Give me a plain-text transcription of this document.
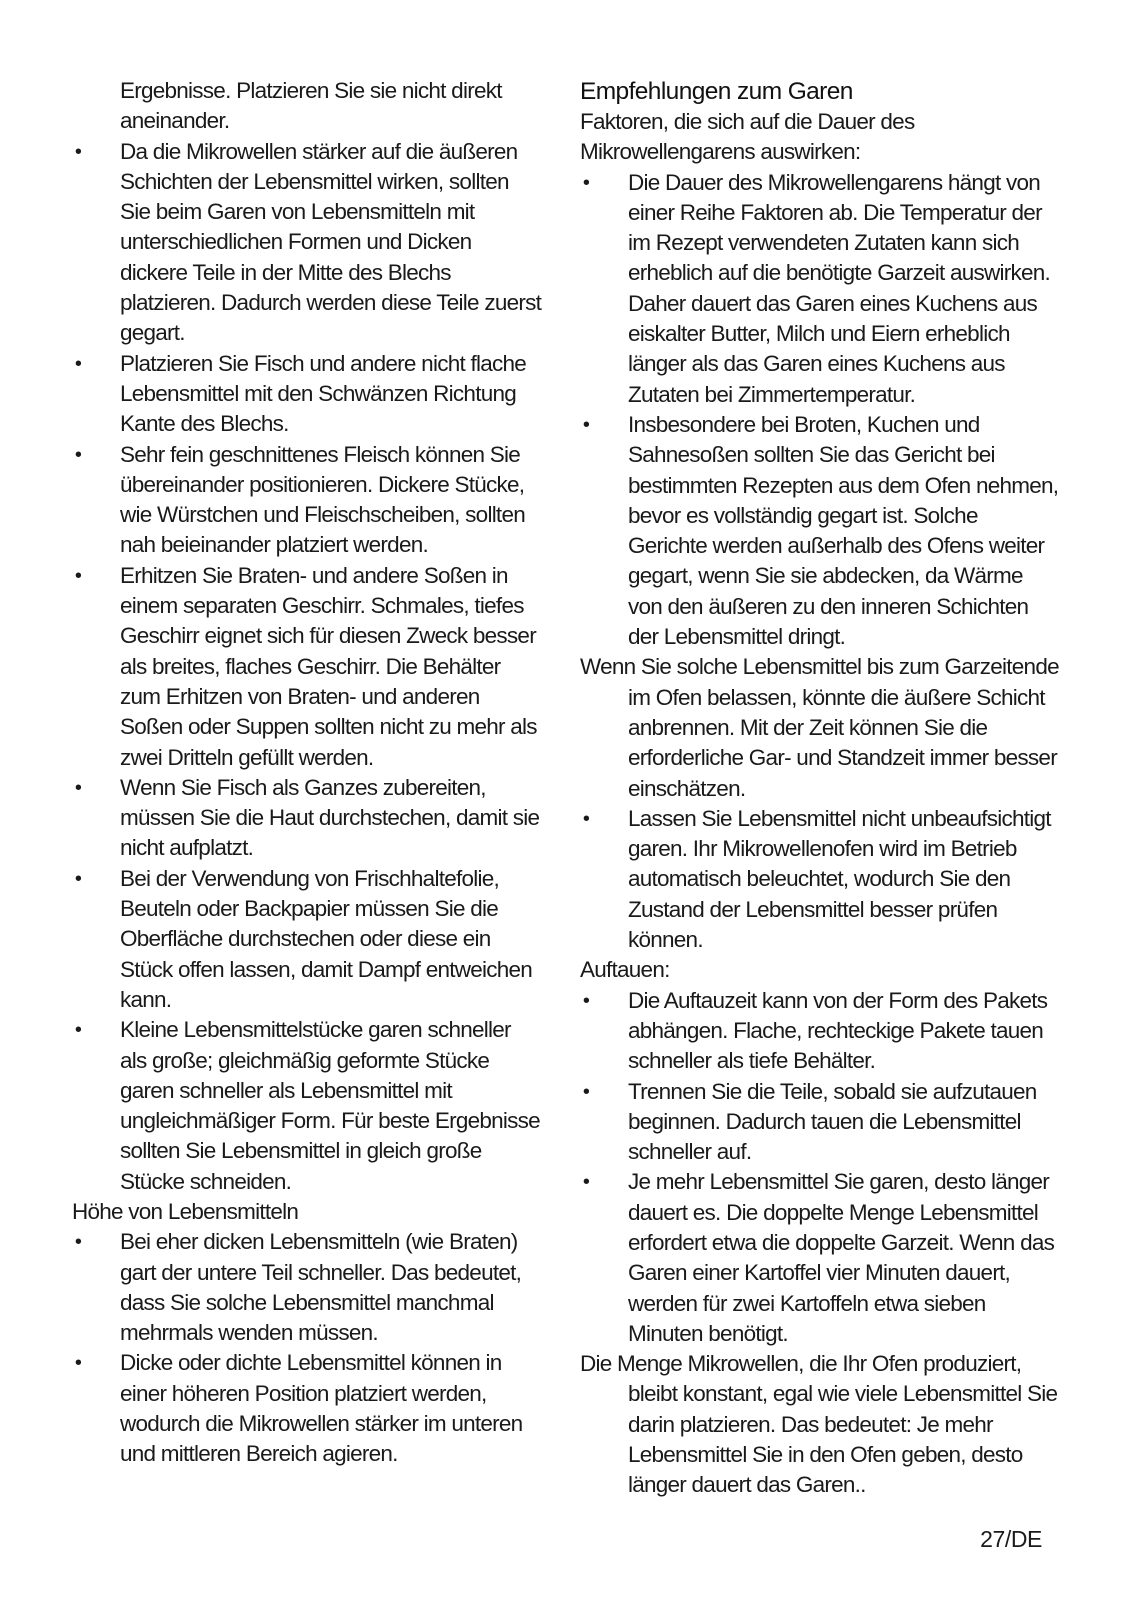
Ergebnisse. Platzieren Sie sie nicht direkt aneinander.

• Da die Mikrowellen stärker auf die äußeren Schichten der Lebensmittel wirken, sollten Sie beim Garen von Lebensmitteln mit unterschiedlichen Formen und Dicken dickere Teile in der Mitte des Blechs platzieren. Dadurch werden diese Teile zuerst gegart.
• Platzieren Sie Fisch und andere nicht flache Lebensmittel mit den Schwänzen Richtung Kante des Blechs.
• Sehr fein geschnittenes Fleisch können Sie übereinander positionieren. Dickere Stücke, wie Würstchen und Fleischscheiben, sollten nah beieinander platziert werden.
• Erhitzen Sie Braten- und andere Soßen in einem separaten Geschirr. Schmales, tiefes Geschirr eignet sich für diesen Zweck besser als breites, flaches Geschirr. Die Behälter zum Erhitzen von Braten- und anderen Soßen oder Suppen sollten nicht zu mehr als zwei Dritteln gefüllt werden.
• Wenn Sie Fisch als Ganzes zubereiten, müssen Sie die Haut durchstechen, damit sie nicht aufplatzt.
• Bei der Verwendung von Frischhaltefolie, Beuteln oder Backpapier müssen Sie die Oberfläche durchstechen oder diese ein Stück offen lassen, damit Dampf entweichen kann.
• Kleine Lebensmittelstücke garen schneller als große; gleichmäßig geformte Stücke garen schneller als Lebensmittel mit ungleichmäßiger Form. Für beste Ergebnisse sollten Sie Lebensmittel in gleich große Stücke schneiden.

Höhe von Lebensmitteln

• Bei eher dicken Lebensmitteln (wie Braten) gart der untere Teil schneller. Das bedeutet, dass Sie solche Lebensmittel manchmal mehrmals wenden müssen.
• Dicke oder dichte Lebensmittel können in einer höheren Position platziert werden, wodurch die Mikrowellen stärker im unteren und mittleren Bereich agieren.

Empfehlungen zum Garen

Faktoren, die sich auf die Dauer des Mikrowellengarens auswirken:

• Die Dauer des Mikrowellengarens hängt von einer Reihe Faktoren ab. Die Temperatur der im Rezept verwendeten Zutaten kann sich erheblich auf die benötigte Garzeit auswirken. Daher dauert das Garen eines Kuchens aus eiskalter Butter, Milch und Eiern erheblich länger als das Garen eines Kuchens aus Zutaten bei Zimmertemperatur.
• Insbesondere bei Broten, Kuchen und Sahnesoßen sollten Sie das Gericht bei bestimmten Rezepten aus dem Ofen nehmen, bevor es vollständig gegart ist. Solche Gerichte werden außerhalb des Ofens weiter gegart, wenn Sie sie abdecken, da Wärme von den äußeren zu den inneren Schichten der Lebensmittel dringt.

Wenn Sie solche Lebensmittel bis zum Garzeitende im Ofen belassen, könnte die äußere Schicht anbrennen. Mit der Zeit können Sie die erforderliche Gar- und Standzeit immer besser einschätzen.

• Lassen Sie Lebensmittel nicht unbeaufsichtigt garen. Ihr Mikrowellenofen wird im Betrieb automatisch beleuchtet, wodurch Sie den Zustand der Lebensmittel besser prüfen können.

Auftauen:

• Die Auftauzeit kann von der Form des Pakets abhängen. Flache, rechteckige Pakete tauen schneller als tiefe Behälter.
• Trennen Sie die Teile, sobald sie aufzutauen beginnen. Dadurch tauen die Lebensmittel schneller auf.
• Je mehr Lebensmittel Sie garen, desto länger dauert es. Die doppelte Menge Lebensmittel erfordert etwa die doppelte Garzeit. Wenn das Garen einer Kartoffel vier Minuten dauert, werden für zwei Kartoffeln etwa sieben Minuten benötigt.

Die Menge Mikrowellen, die Ihr Ofen produziert, bleibt konstant, egal wie viele Lebensmittel Sie darin platzieren. Das bedeutet: Je mehr Lebensmittel Sie in den Ofen geben, desto länger dauert das Garen..

27/DE
